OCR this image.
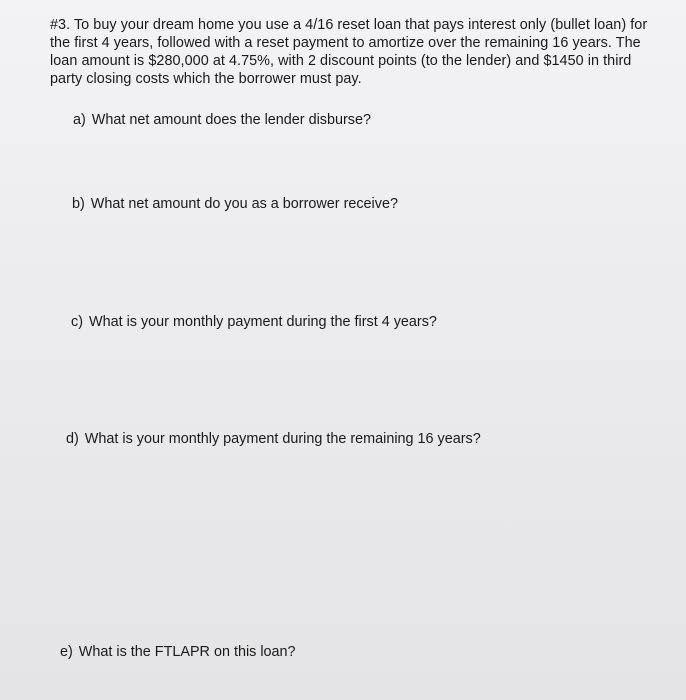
#3. To buy your dream home you use a 4/16 reset loan that pays interest only (bullet loan) for
the first 4 years, followed with a reset payment to amortize over the remaining 16 years. The
loan amount is $280,000 at 4.75%, with 2 discount points (to the lender) and $1450 in third
party closing costs which the borrower must pay.

a) What net amount does the lender disburse?
b) What net amount do you as a borrower receive?
c) What is your monthly payment during the first 4 years?
d) What is your monthly payment during the remaining 16 years?
e) What is the FTLAPR on this loan?
